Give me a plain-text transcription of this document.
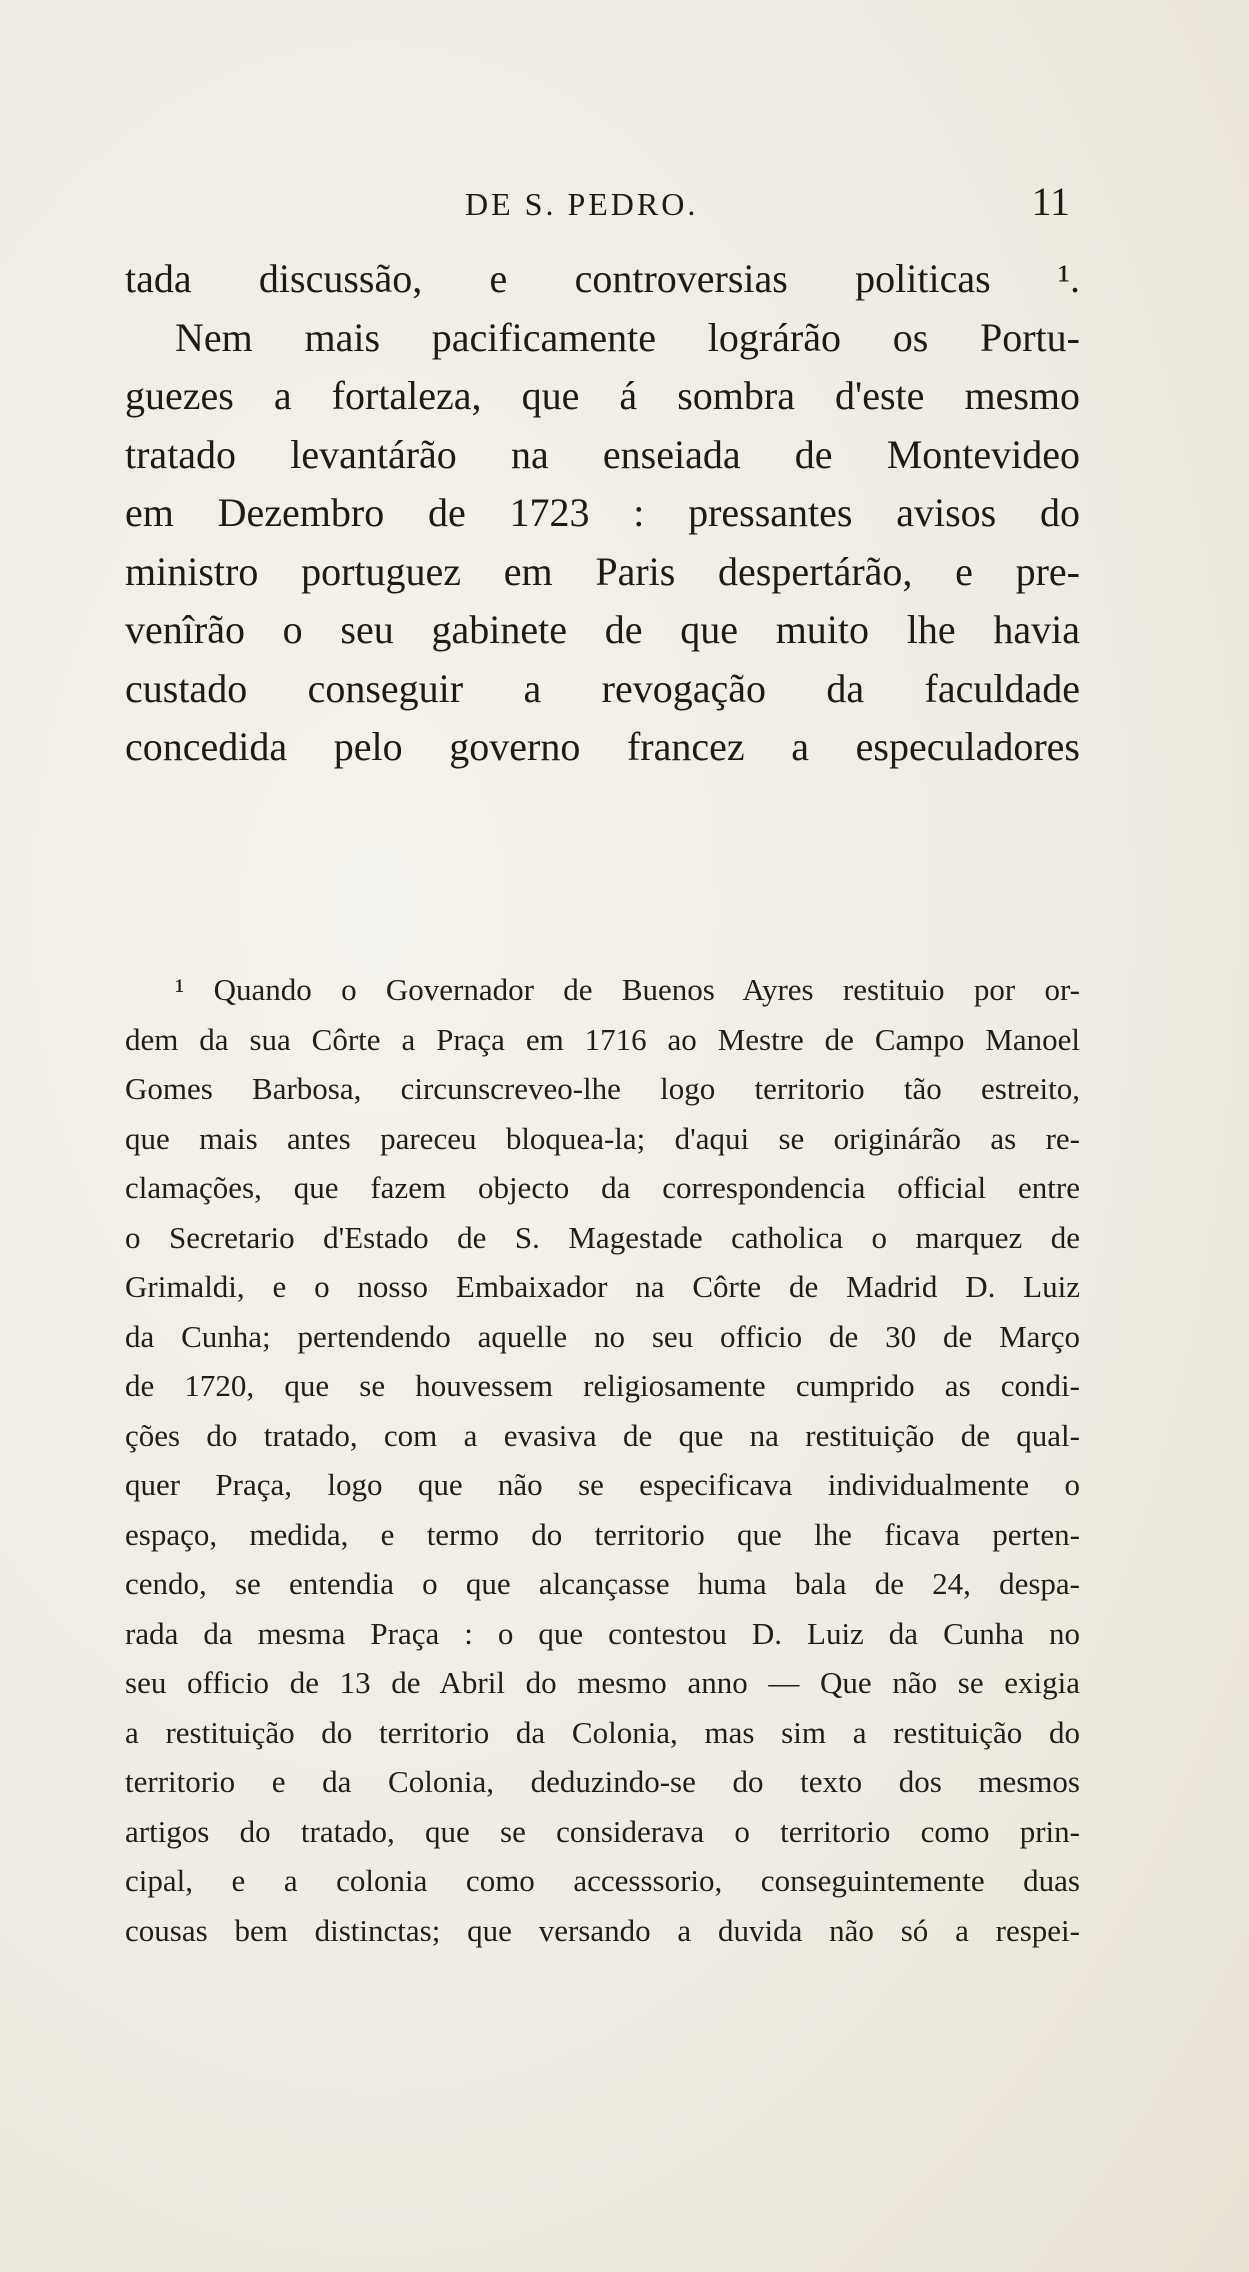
DE S. PEDRO.	11
tada discussão, e controversias politicas ¹.
Nem mais pacificamente lográrão os Portu-
guezes a fortaleza, que á sombra d'este mesmo
tratado levantárão na enseiada de Montevideo
em Dezembro de 1723 : pressantes avisos do
ministro portuguez em Paris despertárão, e pre-
venîrão o seu gabinete de que muito lhe havia
custado conseguir a revogação da faculdade
concedida pelo governo francez a especuladores
¹ Quando o Governador de Buenos Ayres restituio por or-
dem da sua Côrte a Praça em 1716 ao Mestre de Campo Manoel
Gomes Barbosa, circunscreveo-lhe logo territorio tão estreito,
que mais antes pareceu bloquea-la; d'aqui se originárão as re-
clamações, que fazem objecto da correspondencia official entre
o Secretario d'Estado de S. Magestade catholica o marquez de
Grimaldi, e o nosso Embaixador na Côrte de Madrid D. Luiz
da Cunha; pertendendo aquelle no seu officio de 30 de Março
de 1720, que se houvessem religiosamente cumprido as condi-
ções do tratado, com a evasiva de que na restituição de qual-
quer Praça, logo que não se especificava individualmente o
espaço, medida, e termo do territorio que lhe ficava perten-
cendo, se entendia o que alcançasse huma bala de 24, despa-
rada da mesma Praça : o que contestou D. Luiz da Cunha no
seu officio de 13 de Abril do mesmo anno — Que não se exigia
a restituição do territorio da Colonia, mas sim a restituição do
territorio e da Colonia, deduzindo-se do texto dos mesmos
artigos do tratado, que se considerava o territorio como prin-
cipal, e a colonia como accesssorio, conseguintemente duas
cousas bem distinctas; que versando a duvida não só a respei-
